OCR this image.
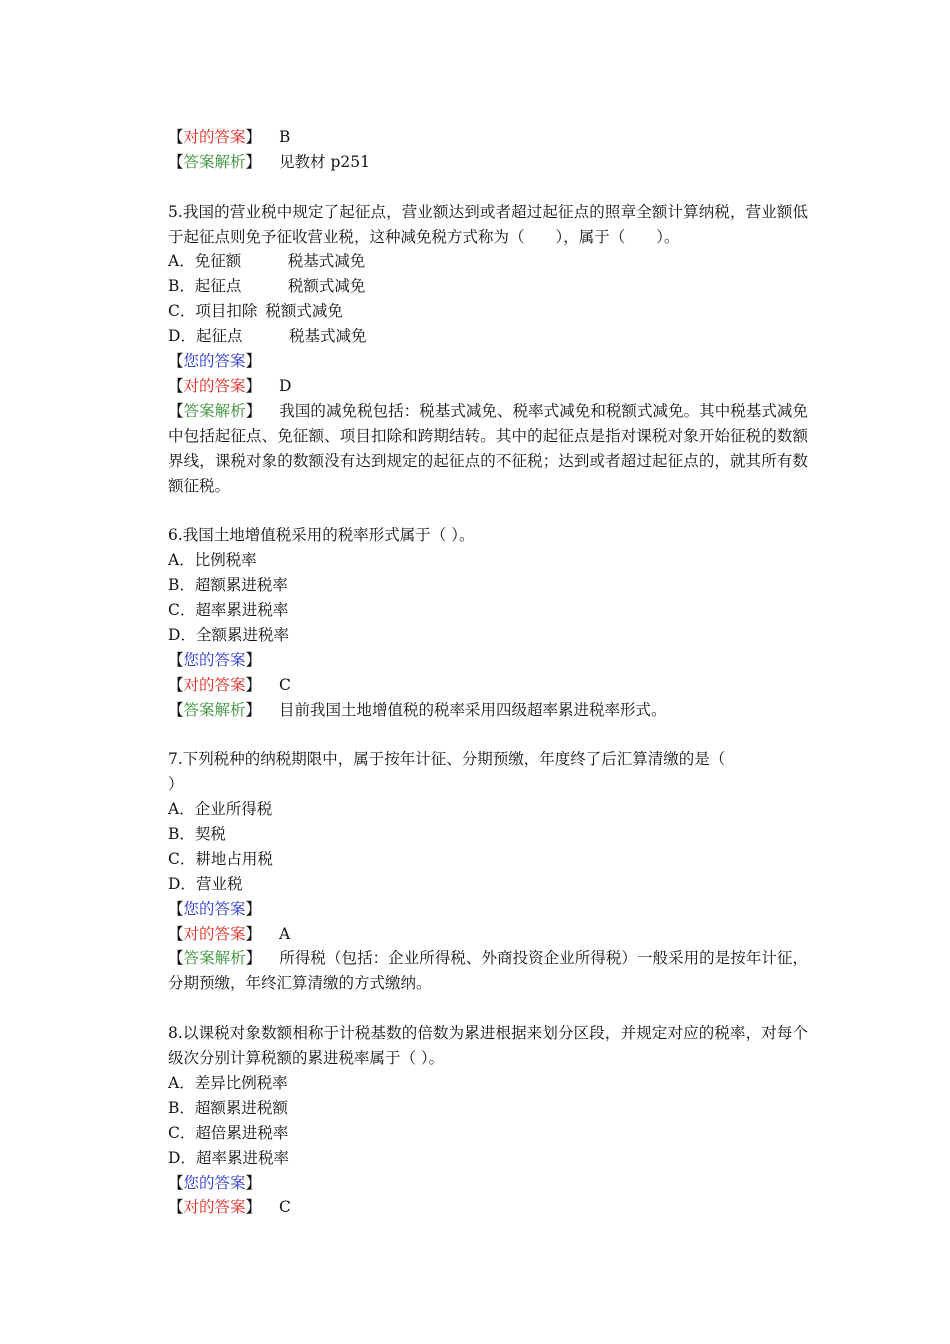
【对的答案】 B
【答案解析】 见教材 p251
5.我国的营业税中规定了起征点，营业额达到或者超过起征点的照章全额计算纳税，营业额低于起征点则免予征收营业税，这种减免税方式称为（　　），属于（　　）。
A．免征额	税基式减免
B．起征点	税额式减免
C．项目扣除 税额式减免
D．起征点	税基式减免
【您的答案】
【对的答案】 D
【答案解析】 我国的减免税包括：税基式减免、税率式减免和税额式减免。其中税基式减免中包括起征点、免征额、项目扣除和跨期结转。其中的起征点是指对课税对象开始征税的数额界线，课税对象的数额没有达到规定的起征点的不征税；达到或者超过起征点的，就其所有数额征税。
6.我国土地增值税采用的税率形式属于（ ）。
A．比例税率
B．超额累进税率
C．超率累进税率
D．全额累进税率
【您的答案】
【对的答案】 C
【答案解析】 目前我国土地增值税的税率采用四级超率累进税率形式。
7.下列税种的纳税期限中，属于按年计征、分期预缴，年度终了后汇算清缴的是（
）
A．企业所得税
B．契税
C．耕地占用税
D．营业税
【您的答案】
【对的答案】 A
【答案解析】 所得税（包括：企业所得税、外商投资企业所得税）一般采用的是按年计征，分期预缴，年终汇算清缴的方式缴纳。
8.以课税对象数额相称于计税基数的倍数为累进根据来划分区段，并规定对应的税率，对每个级次分别计算税额的累进税率属于（ ）。
A．差异比例税率
B．超额累进税额
C．超倍累进税率
D．超率累进税率
【您的答案】
【对的答案】 C
